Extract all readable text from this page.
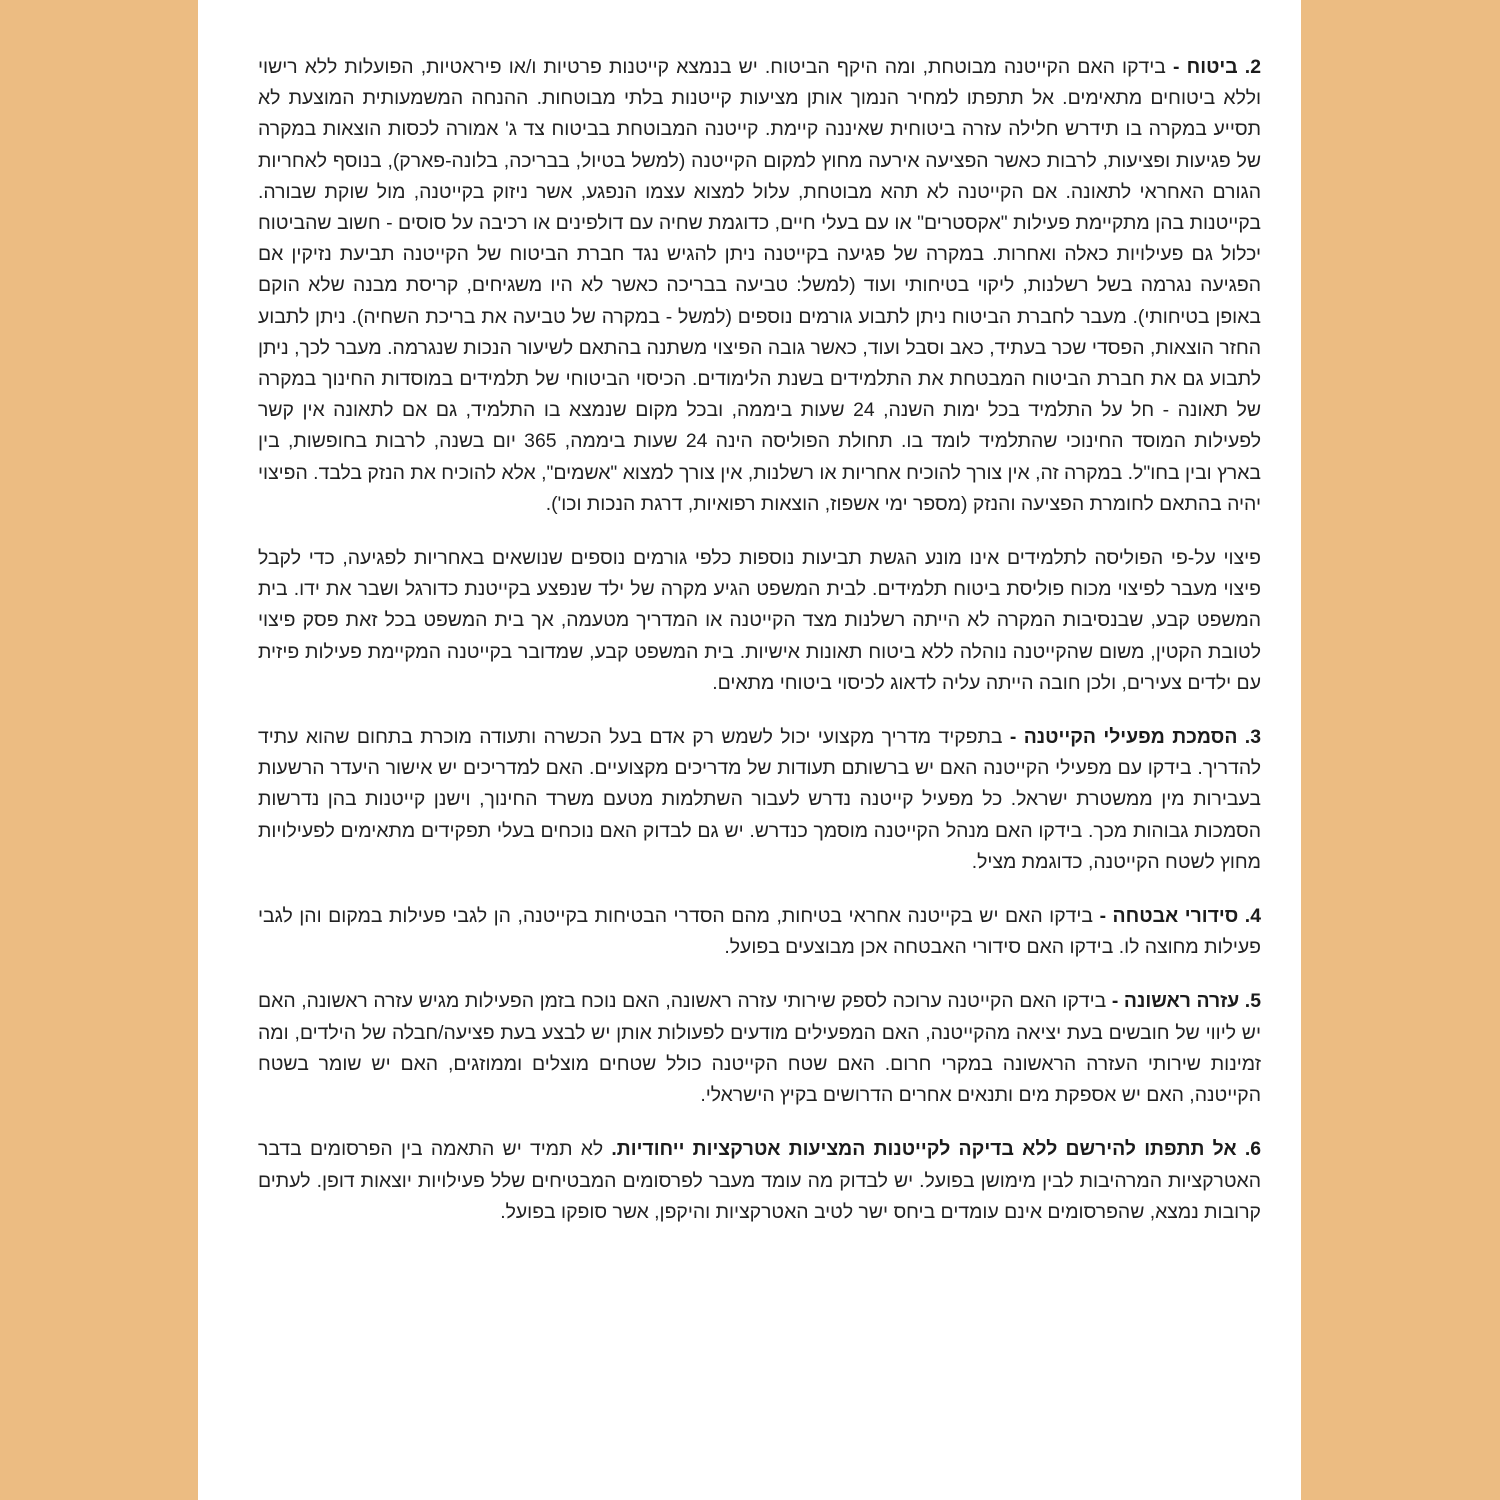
2. ביטוח - בידקו האם הקייטנה מבוטחת, ומה היקף הביטוח. יש בנמצא קייטנות פרטיות ו/או פיראטיות, הפועלות ללא רישוי וללא ביטוחים מתאימים. אל תתפתו למחיר הנמוך אותן מציעות קייטנות בלתי מבוטחות. ההנחה המשמעותית המוצעת לא תסייע במקרה בו תידרש חלילה עזרה ביטוחית שאיננה קיימת. קייטנה המבוטחת בביטוח צד ג' אמורה לכסות הוצאות במקרה של פגיעות ופציעות, לרבות כאשר הפציעה אירעה מחוץ למקום הקייטנה (למשל בטיול, בבריכה, בלונה-פארק), בנוסף לאחריות הגורם האחראי לתאונה. אם הקייטנה לא תהא מבוטחת, עלול למצוא עצמו הנפגע, אשר ניזוק בקייטנה, מול שוקת שבורה. בקייטנות בהן מתקיימת פעילות "אקסטרים" או עם בעלי חיים, כדוגמת שחיה עם דולפינים או רכיבה על סוסים - חשוב שהביטוח יכלול גם פעילויות כאלה ואחרות. במקרה של פגיעה בקייטנה ניתן להגיש נגד חברת הביטוח של הקייטנה תביעת נזיקין אם הפגיעה נגרמה בשל רשלנות, ליקוי בטיחותי ועוד (למשל: טביעה בבריכה כאשר לא היו משגיחים, קריסת מבנה שלא הוקם באופן בטיחותי). מעבר לחברת הביטוח ניתן לתבוע גורמים נוספים (למשל - במקרה של טביעה את בריכת השחיה). ניתן לתבוע החזר הוצאות, הפסדי שכר בעתיד, כאב וסבל ועוד, כאשר גובה הפיצוי משתנה בהתאם לשיעור הנכות שנגרמה. מעבר לכך, ניתן לתבוע גם את חברת הביטוח המבטחת את התלמידים בשנת הלימודים. הכיסוי הביטוחי של תלמידים במוסדות החינוך במקרה של תאונה - חל על התלמיד בכל ימות השנה, 24 שעות ביממה, ובכל מקום שנמצא בו התלמיד, גם אם לתאונה אין קשר לפעילות המוסד החינוכי שהתלמיד לומד בו. תחולת הפוליסה הינה 24 שעות ביממה, 365 יום בשנה, לרבות בחופשות, בין בארץ ובין בחו"ל. במקרה זה, אין צורך להוכיח אחריות או רשלנות, אין צורך למצוא "אשמים", אלא להוכיח את הנזק בלבד. הפיצוי יהיה בהתאם לחומרת הפציעה והנזק (מספר ימי אשפוז, הוצאות רפואיות, דרגת הנכות וכו').

פיצוי על-פי הפוליסה לתלמידים אינו מונע הגשת תביעות נוספות כלפי גורמים נוספים שנושאים באחריות לפגיעה, כדי לקבל פיצוי מעבר לפיצוי מכוח פוליסת ביטוח תלמידים. לבית המשפט הגיע מקרה של ילד שנפצע בקייטנת כדורגל ושבר את ידו. בית המשפט קבע, שבנסיבות המקרה לא הייתה רשלנות מצד הקייטנה או המדריך מטעמה, אך בית המשפט בכל זאת פסק פיצוי לטובת הקטין, משום שהקייטנה נוהלה ללא ביטוח תאונות אישיות. בית המשפט קבע, שמדובר בקייטנה המקיימת פעילות פיזית עם ילדים צעירים, ולכן חובה הייתה עליה לדאוג לכיסוי ביטוחי מתאים.

3. הסמכת מפעילי הקייטנה - בתפקיד מדריך מקצועי יכול לשמש רק אדם בעל הכשרה ותעודה מוכרת בתחום שהוא עתיד להדריך. בידקו עם מפעילי הקייטנה האם יש ברשותם תעודות של מדריכים מקצועיים. האם למדריכים יש אישור היעדר הרשעות בעבירות מין ממשטרת ישראל. כל מפעיל קייטנה נדרש לעבור השתלמות מטעם משרד החינוך, וישנן קייטנות בהן נדרשות הסמכות גבוהות מכך. בידקו האם מנהל הקייטנה מוסמך כנדרש. יש גם לבדוק האם נוכחים בעלי תפקידים מתאימים לפעילויות מחוץ לשטח הקייטנה, כדוגמת מציל.

4. סידורי אבטחה - בידקו האם יש בקייטנה אחראי בטיחות, מהם הסדרי הבטיחות בקייטנה, הן לגבי פעילות במקום והן לגבי פעילות מחוצה לו. בידקו האם סידורי האבטחה אכן מבוצעים בפועל.

5. עזרה ראשונה - בידקו האם הקייטנה ערוכה לספק שירותי עזרה ראשונה, האם נוכח בזמן הפעילות מגיש עזרה ראשונה, האם יש ליווי של חובשים בעת יציאה מהקייטנה, האם המפעילים מודעים לפעולות אותן יש לבצע בעת פציעה/חבלה של הילדים, ומה זמינות שירותי העזרה הראשונה במקרי חרום. האם שטח הקייטנה כולל שטחים מוצלים וממוזגים, האם יש שומר בשטח הקייטנה, האם יש אספקת מים ותנאים אחרים הדרושים בקיץ הישראלי.

6. אל תתפתו להירשם ללא בדיקה לקייטנות המציעות אטרקציות ייחודיות. לא תמיד יש התאמה בין הפרסומים בדבר האטרקציות המרהיבות לבין מימושן בפועל. יש לבדוק מה עומד מעבר לפרסומים המבטיחים שלל פעילויות יוצאות דופן. לעתים קרובות נמצא, שהפרסומים אינם עומדים ביחס ישר לטיב האטרקציות והיקפן, אשר סופקו בפועל.
